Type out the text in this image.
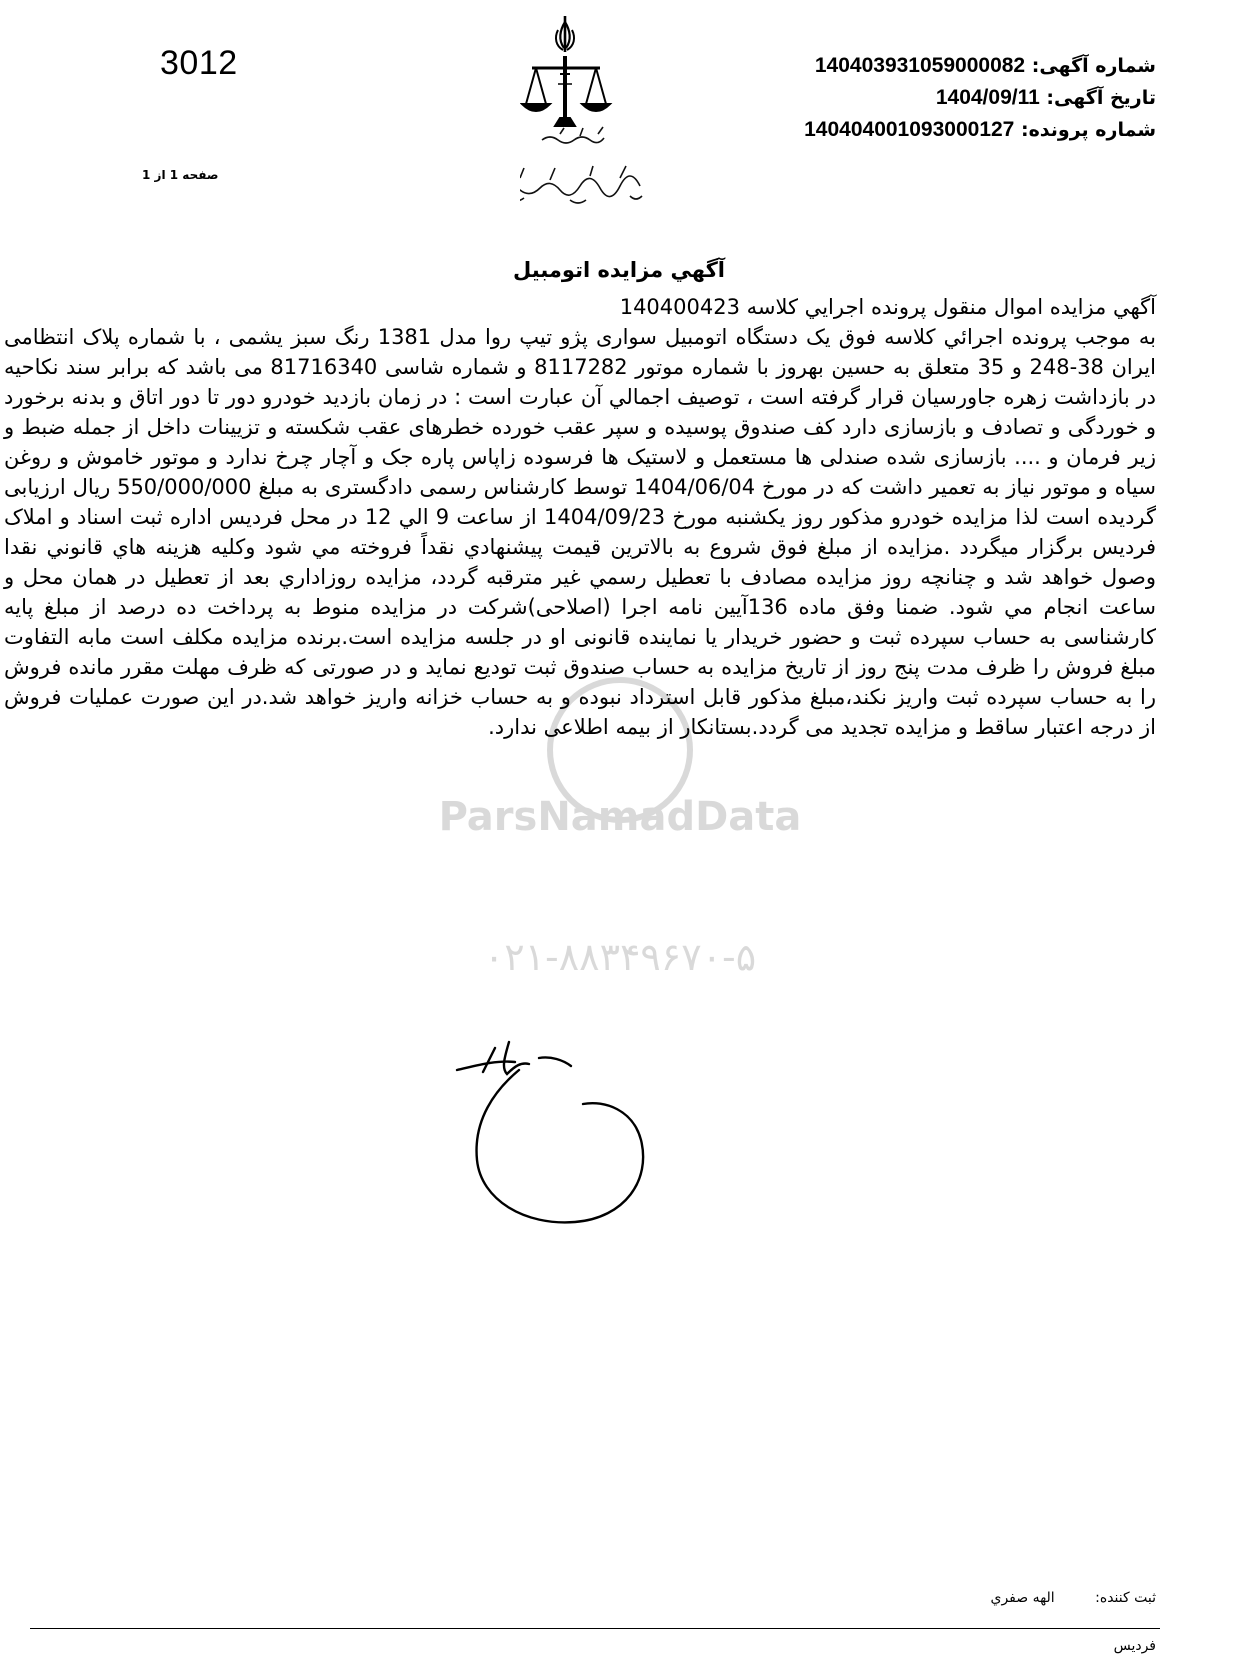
3012
صفحه 1 از 1
شماره آگهی: 140403931059000082
تاریخ آگهی: 1404/09/11
شماره پرونده: 140404001093000127
آگهي مزايده اتومبيل
ParsNamadData
۰۲۱-۸۸۳۴۹۶۷۰-۵

آگهي مزايده اموال منقول پرونده اجرايي كلاسه 140400423

به موجب پرونده اجرائي كلاسه فوق يک دستگاه اتومبیل سواری پژو تیپ روا مدل 1381 رنگ سبز یشمی ، با شماره پلاک انتظامی ایران 38-248 و 35 متعلق به حسین بهروز با شماره موتور 8117282 و شماره شاسی 81716340 می باشد که برابر سند نکاحیه در بازداشت زهره جاورسیان قرار گرفته است ، توصيف اجمالي آن عبارت است : در زمان بازدید خودرو دور تا دور اتاق و بدنه برخورد و خوردگی و تصادف و بازسازی دارد کف صندوق پوسیده و سپر عقب خورده خطرهای عقب شکسته و تزیینات داخل از جمله ضبط و زیر فرمان و .... بازسازی شده صندلی ها مستعمل و لاستیک ها فرسوده زاپاس پاره جک و آچار چرخ ندارد و موتور خاموش و روغن سیاه و موتور نیاز به تعمیر داشت که در مورخ 1404/06/04 توسط کارشناس رسمی دادگستری به مبلغ 550/000/000 ریال ارزیابی گردیده است لذا مزایده خودرو مذکور روز یکشنبه مورخ 1404/09/23 از ساعت 9 الي 12 در محل فردیس اداره ثبت اسناد و املاک فردیس برگزار ميگردد .مزايده از مبلغ فوق شروع به بالاترين قيمت پيشنهادي نقداً فروخته مي شود وكليه هزينه هاي قانوني نقدا وصول خواهد شد و چنانچه روز مزايده مصادف با تعطيل رسمي غير مترقبه گردد، مزايده روزاداري بعد از تعطيل در همان محل و ساعت انجام مي شود. ضمنا وفق ماده 136آیین نامه اجرا (اصلاحی)شرکت در مزایده منوط به پرداخت ده درصد از مبلغ پایه کارشناسی به حساب سپرده ثبت و حضور خریدار یا نماینده قانونی او در جلسه مزایده است.برنده مزایده مکلف است مابه التفاوت مبلغ فروش را ظرف مدت پنج روز از تاریخ مزایده به حساب صندوق ثبت توديع نماید و در صورتی که ظرف مهلت مقرر مانده فروش را به حساب سپرده ثبت واریز نکند،مبلغ مذکور قابل استرداد نبوده و به حساب خزانه واریز خواهد شد.در این صورت عملیات فروش از درجه اعتبار ساقط و مزایده تجدید می گردد.بستانکار از بیمه اطلاعی ندارد.

ثبت کننده: الهه صفري
فردیس
